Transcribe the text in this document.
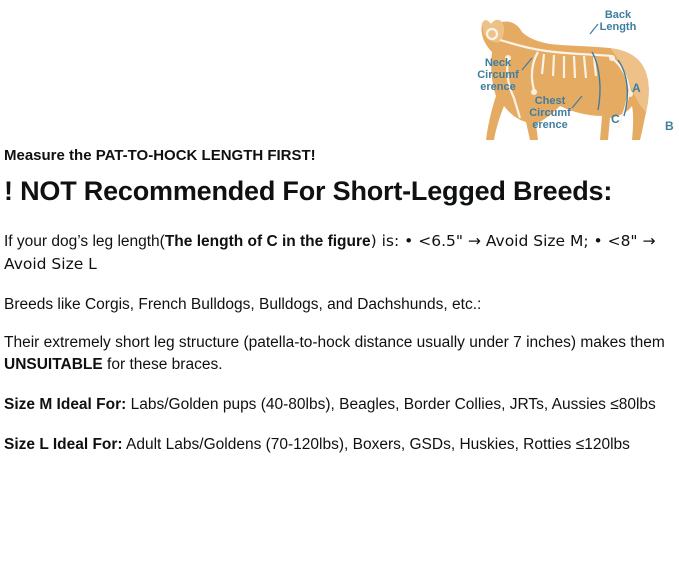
Back
Length
Neck
Circumf
erence
Chest
Circumf
erence
A
B
C

Measure the PAT-TO-HOCK LENGTH FIRST!

! NOT Recommended For Short-Legged Breeds:

If your dog’s leg length(The length of C in the figure) is: • <6.5" → Avoid Size M; • <8" → Avoid Size L

Breeds like Corgis, French Bulldogs, Bulldogs, and Dachshunds, etc.:

Their extremely short leg structure (patella-to-hock distance usually under 7 inches) makes them UNSUITABLE for these braces.

Size M Ideal For: Labs/Golden pups (40-80lbs), Beagles, Border Collies, JRTs, Aussies ≤80lbs

Size L Ideal For: Adult Labs/Goldens (70-120lbs), Boxers, GSDs, Huskies, Rotties ≤120lbs
